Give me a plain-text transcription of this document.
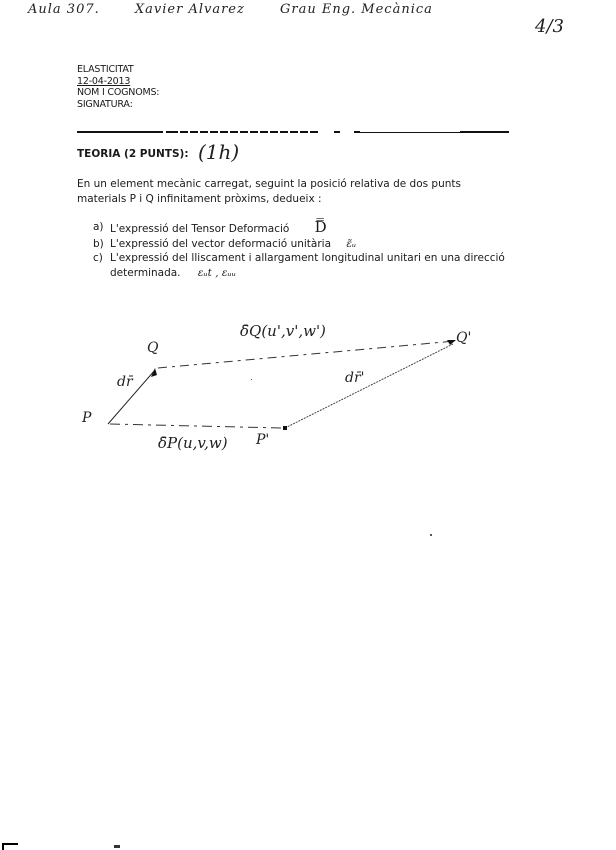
Aula 307.	Xavier Alvarez	Grau Eng. Mecànica
4/3
ELASTICITAT
12-04-2013
NOM I COGNOMS:
SIGNATURA:
TEORIA (2 PUNTS): (1h)
En un element mecànic carregat, seguint la posició relativa de dos punts materials P i Q infinitament pròxims, dedueix :
a) L'expressió del Tensor Deformació D̿
b) L'expressió del vector deformació unitària ε̃ᵤ
c) L'expressió del lliscament i allargament longitudinal unitari en una direcció determinada. εᵤt , εᵤᵤ
P
Q
dr̄
Q'
P'
dr̄'
δ̄P(u,v,w)
δ̄Q(u',v',w')
